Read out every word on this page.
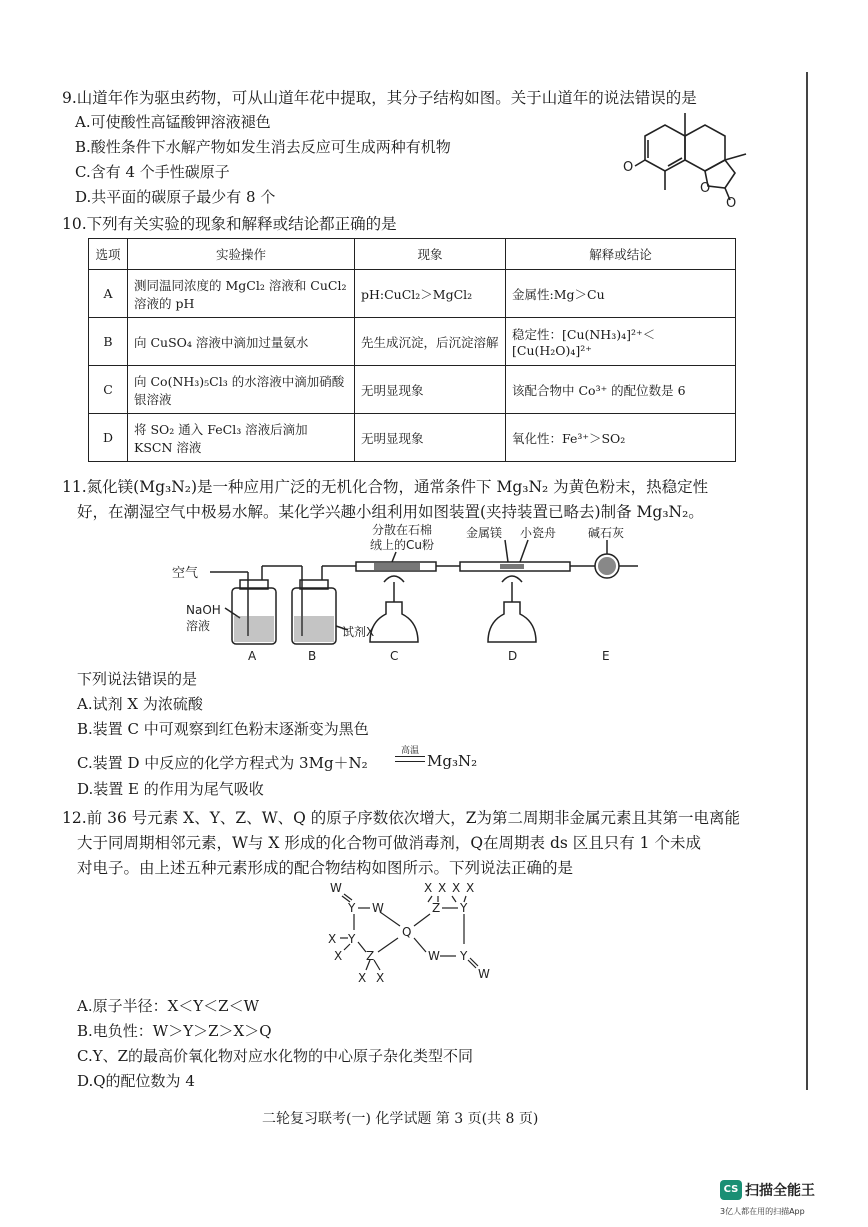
9.山道年作为驱虫药物，可从山道年花中提取，其分子结构如图。关于山道年的说法错误的是
A.可使酸性高锰酸钾溶液褪色
B.酸性条件下水解产物如发生消去反应可生成两种有机物
C.含有 4 个手性碳原子
D.共平面的碳原子最少有 8 个
O
O
O
10.下列有关实验的现象和解释或结论都正确的是
选项	实验操作	现象	解释或结论
A	测同温同浓度的 MgCl₂ 溶液和 CuCl₂ 溶液的 pH	pH:CuCl₂＞MgCl₂	金属性:Mg＞Cu
B	向 CuSO₄ 溶液中滴加过量氨水	先生成沉淀，后沉淀溶解	稳定性：[Cu(NH₃)₄]²⁺＜[Cu(H₂O)₄]²⁺
C	向 Co(NH₃)₅Cl₃ 的水溶液中滴加硝酸银溶液	无明显现象	该配合物中 Co³⁺ 的配位数是 6
D	将 SO₂ 通入 FeCl₃ 溶液后滴加 KSCN 溶液	无明显现象	氧化性：Fe³⁺＞SO₂
11.氮化镁(Mg₃N₂)是一种应用广泛的无机化合物，通常条件下 Mg₃N₂ 为黄色粉末，热稳定性
好，在潮湿空气中极易水解。某化学兴趣小组利用如图装置(夹持装置已略去)制备 Mg₃N₂。
空气
NaOH
溶液	试剂X
分散在石棉
绒上的Cu粉
金属镁 小瓷舟	碱石灰
A	B	C	D	E
下列说法错误的是
A.试剂 X 为浓硫酸
B.装置 C 中可观察到红色粉末逐渐变为黑色
C.装置 D 中反应的化学方程式为 3Mg＋N₂
高温
Mg₃N₂
D.装置 E 的作用为尾气吸收
12.前 36 号元素 X、Y、Z、W、Q 的原子序数依次增大，Z为第二周期非金属元素且其第一电离能
大于同周期相邻元素，W与 X 形成的化合物可做消毒剂，Q在周期表 ds 区且只有 1 个未成
对电子。由上述五种元素形成的配合物结构如图所示。下列说法正确的是
W
Y W
X Y
X Z
X X
Q
X X X X
Z Y
W Y
W
A.原子半径：X＜Y＜Z＜W
B.电负性：W＞Y＞Z＞X＞Q
C.Y、Z的最高价氧化物对应水化物的中心原子杂化类型不同
D.Q的配位数为 4
二轮复习联考(一) 化学试题 第 3 页(共 8 页)
CS 扫描全能王
3亿人都在用的扫描App
